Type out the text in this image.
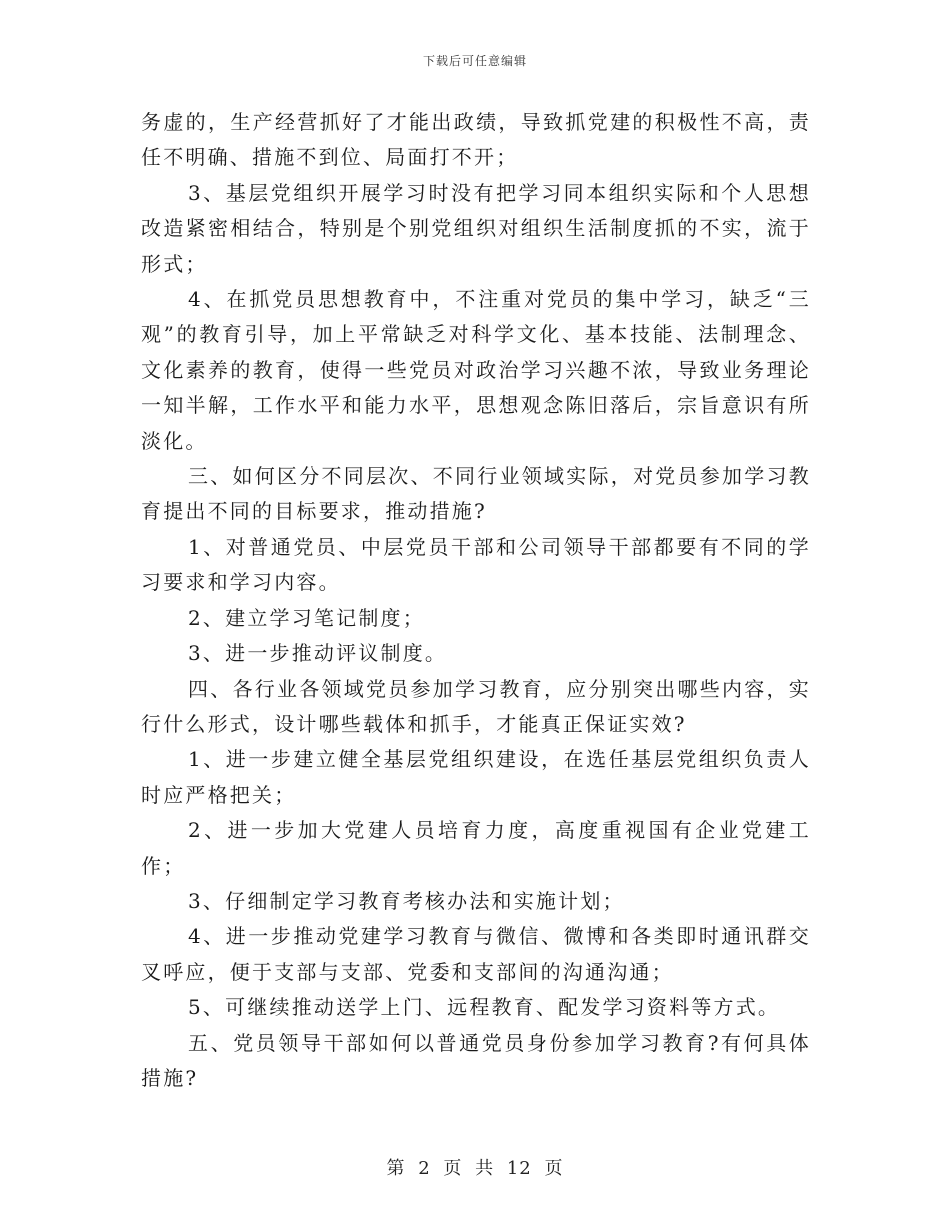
下载后可任意编辑

务虚的，生产经营抓好了才能出政绩，导致抓党建的积极性不高，责任不明确、措施不到位、局面打不开；

3、基层党组织开展学习时没有把学习同本组织实际和个人思想改造紧密相结合，特别是个别党组织对组织生活制度抓的不实，流于形式；

4、在抓党员思想教育中，不注重对党员的集中学习，缺乏“三观”的教育引导，加上平常缺乏对科学文化、基本技能、法制理念、文化素养的教育，使得一些党员对政治学习兴趣不浓，导致业务理论一知半解，工作水平和能力水平，思想观念陈旧落后，宗旨意识有所淡化。

三、如何区分不同层次、不同行业领域实际，对党员参加学习教育提出不同的目标要求，推动措施?

1、对普通党员、中层党员干部和公司领导干部都要有不同的学习要求和学习内容。

2、建立学习笔记制度；

3、进一步推动评议制度。

四、各行业各领域党员参加学习教育，应分别突出哪些内容，实行什么形式，设计哪些载体和抓手，才能真正保证实效?

1、进一步建立健全基层党组织建设，在选任基层党组织负责人时应严格把关；

2、进一步加大党建人员培育力度，高度重视国有企业党建工作；

3、仔细制定学习教育考核办法和实施计划；

4、进一步推动党建学习教育与微信、微博和各类即时通讯群交叉呼应，便于支部与支部、党委和支部间的沟通沟通；

5、可继续推动送学上门、远程教育、配发学习资料等方式。

五、党员领导干部如何以普通党员身份参加学习教育?有何具体措施?

第 2 页 共 12 页
